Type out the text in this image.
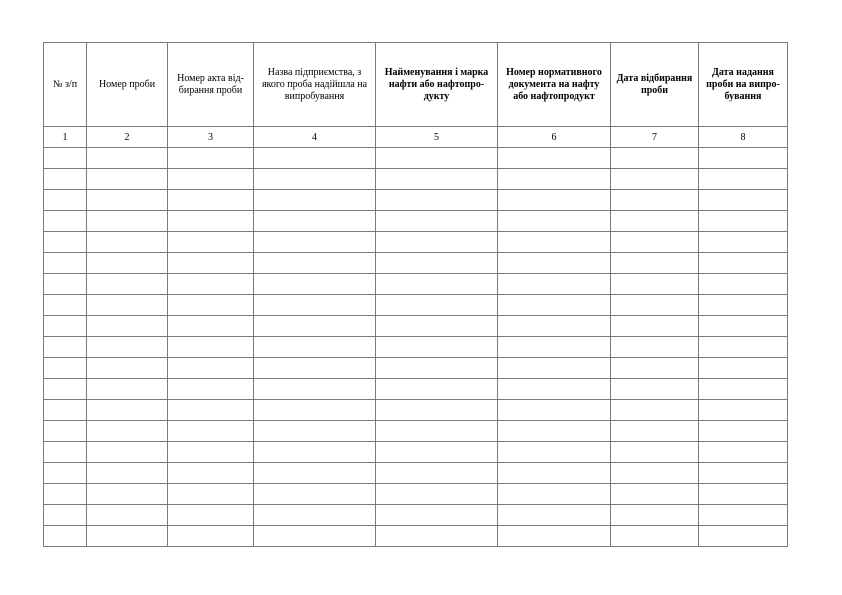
№ з/п	Номер проби	Номер акта від-бирання проби	Назва підприємства, з якого проба надійшла на випробування	Найменування і марка нафти або нафтопро-дукту	Номер нормативного документа на нафту або нафтопродукт	Дата відбирання проби	Дата надання проби на випро-бування
1	2	3	4	5	6	7	8
